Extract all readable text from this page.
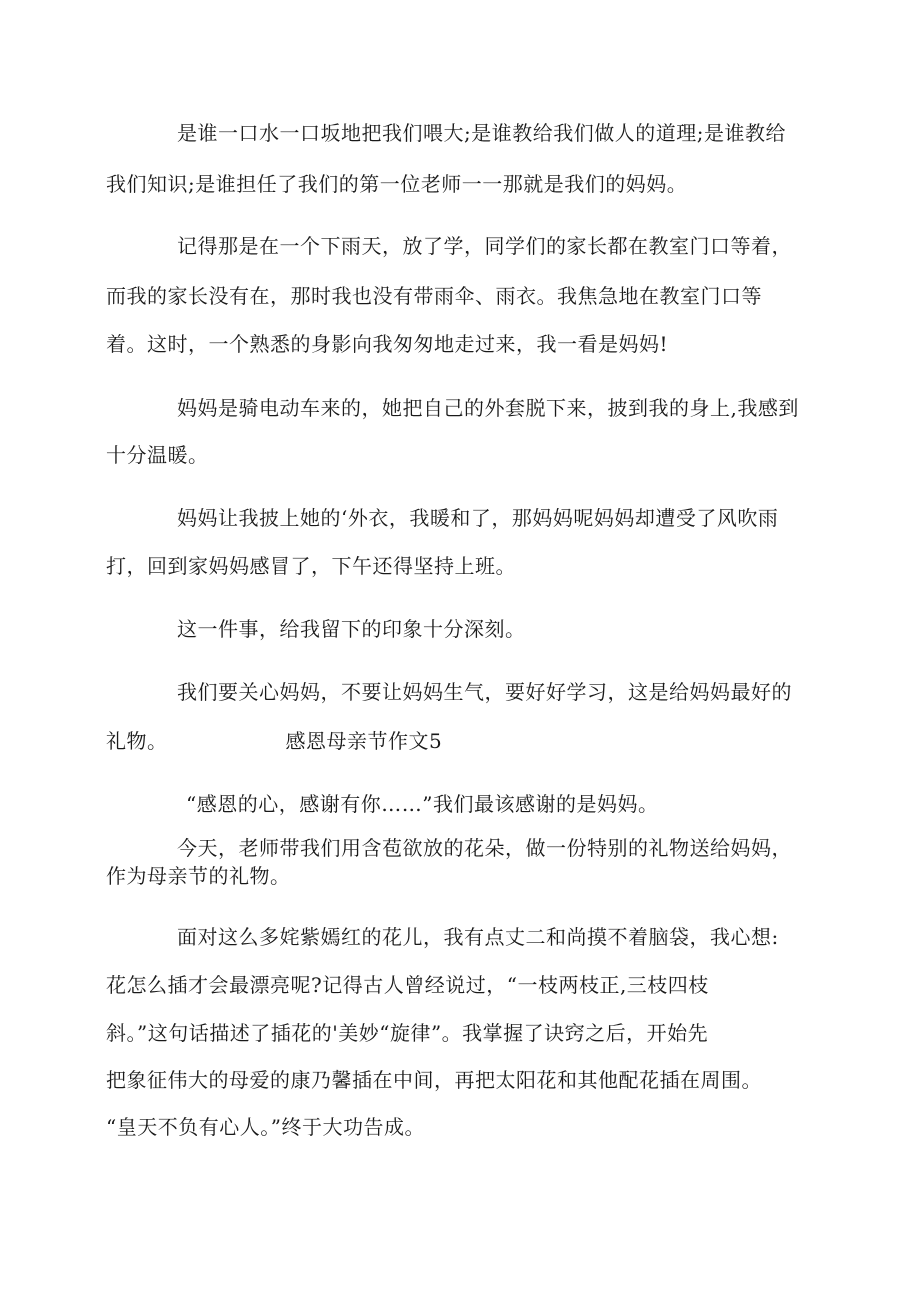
是谁一口水一口坂地把我们喂大;是谁教给我们做人的道理;是谁教给
我们知识;是谁担任了我们的第一位老师一一那就是我们的妈妈。
记得那是在一个下雨天，放了学，同学们的家长都在教室门口等着，
而我的家长没有在，那时我也没有带雨伞、雨衣。我焦急地在教室门口等
着。这时，一个熟悉的身影向我匆匆地走过来，我一看是妈妈!
妈妈是骑电动车来的，她把自己的外套脱下来，披到我的身上,我感到
十分温暖。
妈妈让我披上她的‘外衣，我暖和了，那妈妈呢妈妈却遭受了风吹雨
打，回到家妈妈感冒了，下午还得坚持上班。
这一件事，给我留下的印象十分深刻。
我们要关心妈妈，不要让妈妈生气，要好好学习，这是给妈妈最好的
礼物。	感恩母亲节作文5
“感恩的心，感谢有你……”我们最该感谢的是妈妈。
今天，老师带我们用含苞欲放的花朵，做一份特别的礼物送给妈妈，
作为母亲节的礼物。
面对这么多姹紫嫣红的花儿，我有点丈二和尚摸不着脑袋，我心想:
花怎么插才会最漂亮呢?记得古人曾经说过，“一枝两枝正,三枝四枝
斜。”这句话描述了插花的'美妙“旋律”。我掌握了诀窍之后，开始先
把象征伟大的母爱的康乃馨插在中间，再把太阳花和其他配花插在周围。
“皇天不负有心人。”终于大功告成。
